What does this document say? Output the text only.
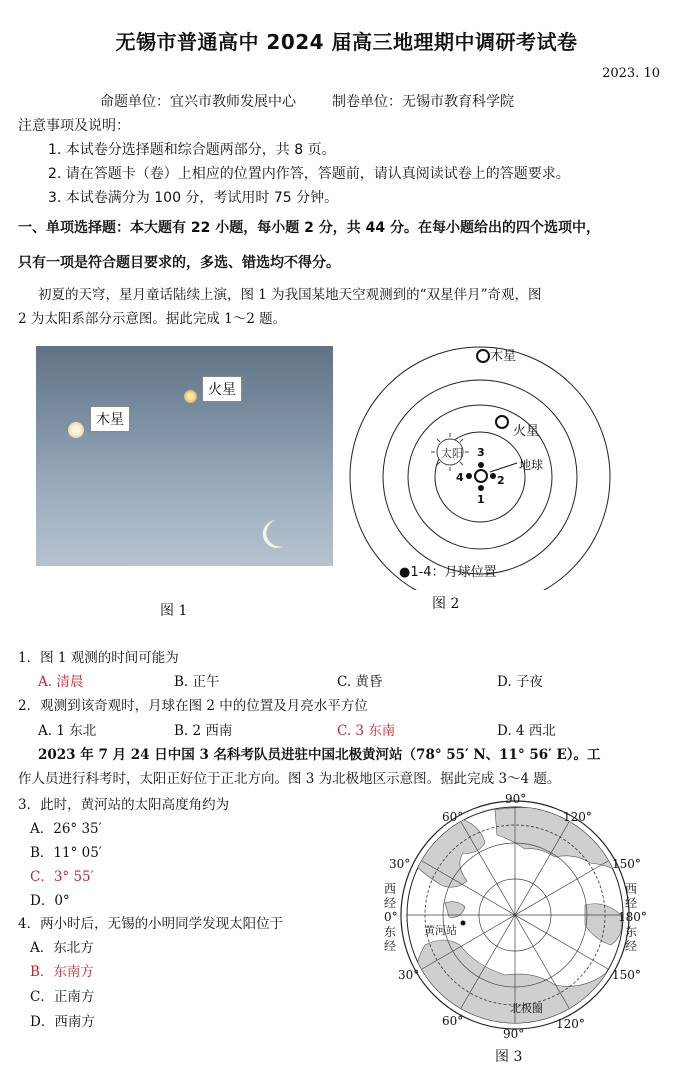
无锡市普通高中 2024 届高三地理期中调研考试卷
2023. 10
命题单位：宜兴市教师发展中心	制卷单位：无锡市教育科学院
注意事项及说明：
1. 本试卷分选择题和综合题两部分，共 8 页。
2. 请在答题卡（卷）上相应的位置内作答，答题前，请认真阅读试卷上的答题要求。
3. 本试卷满分为 100 分，考试用时 75 分钟。
一、单项选择题：本大题有 22 小题，每小题 2 分，共 44 分。在每小题给出的四个选项中，
只有一项是符合题目要求的，多选、错选均不得分。
初夏的天穹，星月童话陆续上演，图 1 为我国某地天空观测到的“双星伴月”奇观，图
2 为太阳系部分示意图。据此完成 1～2 题。
木星
火星
图 1
木星
火星
太阳
地球
3
2
1
4
●1-4：月球位置
图 2
1．图 1 观测的时间可能为
A. 清晨	B. 正午	C. 黄昏	D. 子夜
2．观测到该奇观时，月球在图 2 中的位置及月亮水平方位
A. 1 东北	B. 2 西南	C. 3 东南	D. 4 西北
2023 年 7 月 24 日中国 3 名科考队员进驻中国北极黄河站（78° 55′ N、11° 56′ E）。工
作人员进行科考时，太阳正好位于正北方向。图 3 为北极地区示意图。据此完成 3～4 题。
3．此时，黄河站的太阳高度角约为
A．26° 35′
B．11° 05′
C．3° 55′
D．0°
4．两小时后，无锡的小明同学发现太阳位于
A．东北方
B．东南方
C．正南方
D．西南方
90°
60°	120°
30°	150°
西
经
西
经
0°	180°
东
经
东
经
黄河站
30°	150°
北极圈
60°	120°
90°
图 3
